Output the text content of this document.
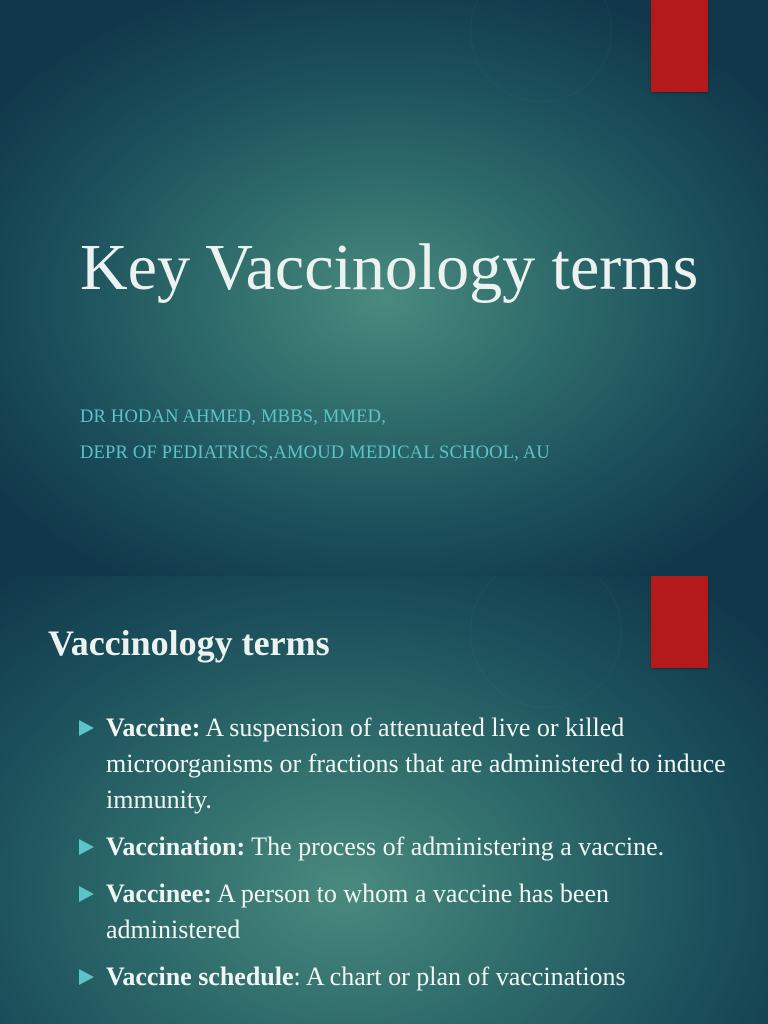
Key Vaccinology terms

DR HODAN AHMED, MBBS, MMED,

DEPR OF PEDIATRICS,AMOUD MEDICAL SCHOOL, AU

Vaccinology terms
Vaccine: A suspension of attenuated live or killed microorganisms or fractions that are administered to induce immunity.
Vaccination: The process of administering a vaccine.
Vaccinee: A person to whom a vaccine has been administered
Vaccine schedule: A chart or plan of vaccinations
